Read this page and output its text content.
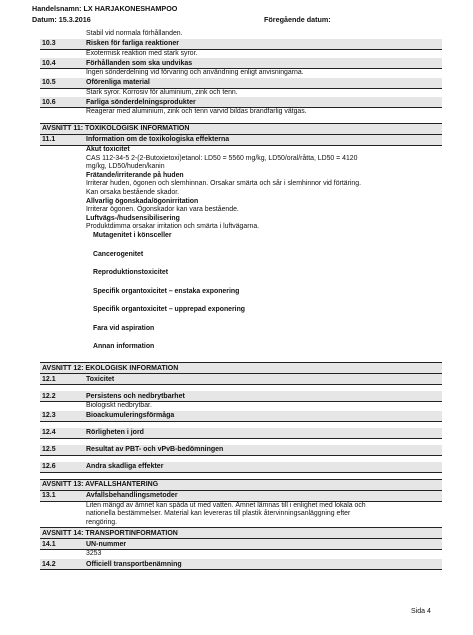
Handelsnamn: LX HARJAKONESHAMPOO
Datum: 15.3.2016	Föregående datum:
Stabil vid normala förhållanden.
10.3	Risken för farliga reaktioner
Exotermisk reaktion med stark syror.
10.4	Förhållanden som ska undvikas
Ingen sönderdelning vid förvaring och användning enligt anvisningarna.
10.5	Oförenliga material
Stark syror. Korrosiv för aluminium, zink och tenn.
10.6	Farliga sönderdelningsprodukter
Reagerar med aluminium, zink och tenn varvid bildas brandfarlig vätgas.
AVSNITT 11: TOXIKOLOGISK INFORMATION
11.1	Information om de toxikologiska effekterna
Akut toxicitet
CAS 112-34-5 2-(2-Butoxietoxi)etanol: LD50 = 5560 mg/kg, LD50/oral/råtta, LD50 = 4120
mg/kg, LD50/huden/kanin
Frätande/irriterande på huden
Irriterar huden, ögonen och slemhinnan. Orsakar smärta och sår i slemhinnor vid förtäring.
Kan orsaka bestående skador.
Allvarlig ögonskada/ögonirritation
Irriterar ögonen. Ögonskador kan vara bestående.
Luftvägs-/hudsensibilisering
Produktdimma orsakar irritation och smärta i luftvägarna.
Mutagenitet i könsceller
Cancerogenitet
Reproduktionstoxicitet
Specifik organtoxicitet – enstaka exponering
Specifik organtoxicitet – upprepad exponering
Fara vid aspiration
Annan information
AVSNITT 12: EKOLOGISK INFORMATION
12.1	Toxicitet
12.2	Persistens och nedbrytbarhet
Biologiskt nedbrytbar.
12.3	Bioackumuleringsförmåga
12.4	Rörligheten i jord
12.5	Resultat av PBT- och vPvB-bedömningen
12.6	Andra skadliga effekter
AVSNITT 13: AVFALLSHANTERING
13.1	Avfallsbehandlingsmetoder
Liten mängd av ämnet kan spåda ut med vatten. Ämnet lämnas till i enlighet med lokala och
nationella bestämmelser. Material kan levereras till plastik återvinningsanläggning efter
rengöring.
AVSNITT 14: TRANSPORTINFORMATION
14.1	UN-nummer
3253
14.2	Officiell transportbenämning
Sida 4
